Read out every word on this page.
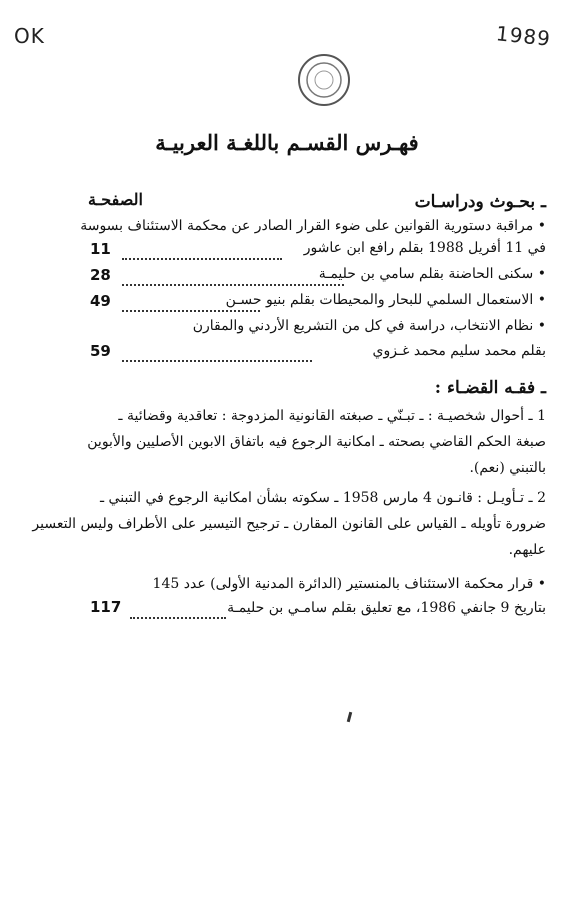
OK	1989
فهـرس القسـم باللغـة العربيـة
الصفحـة	ـ بحـوث ودراسـات
• مراقبة دستورية القوانين على ضوء القرار الصادر عن محكمة الاستئناف بسوسة
في 11 أفريل 1988 بقلم رافع ابن عاشور
11
• سكنى الحاضنة بقلم سامي بن حليمـة
28
• الاستعمال السلمي للبحار والمحيطات بقلم بنيو حسـن
49
• نظام الانتخاب، دراسة في كل من التشريع الأردني والمقارن
بقلم محمد سليم محمد غـزوي
59
ـ فقـه القضـاء :
1 ـ أحوال شخصيـة : ـ تبـنّي ـ صبغته القانونية المزدوجة : تعاقدية وقضائية ـ
صبغة الحكم القاضي بصحته ـ امكانية الرجوع فيه باتفاق الابوين الأصليين والأبوين
بالتبني (نعم).
2 ـ تـأويـل : قانـون 4 مارس 1958 ـ سكوته بشأن امكانية الرجوع في التبني ـ
ضرورة تأويله ـ القياس على القانون المقارن ـ ترجيح التيسير على الأطراف وليس التعسير
عليهم.
• قرار محكمة الاستئناف بالمنستير (الدائرة المدنية الأولى) عدد 145
بتاريخ 9 جانفي 1986، مع تعليق بقلم سامـي بن حليمـة
117
